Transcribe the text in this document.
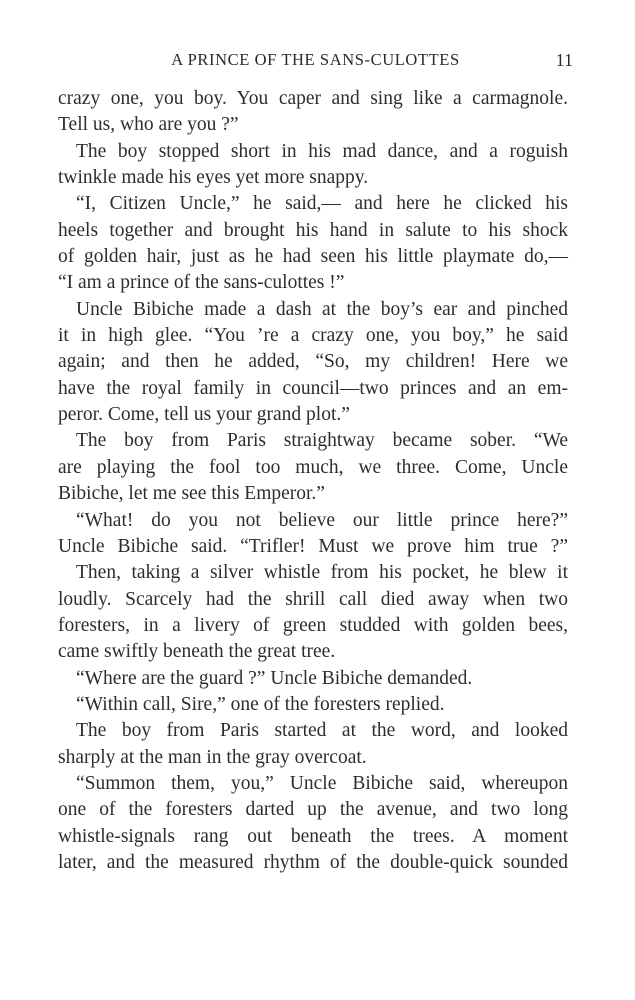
A PRINCE OF THE SANS-CULOTTES	11
crazy one, you boy. You caper and sing like a carmagnole.
Tell us, who are you ?”
The boy stopped short in his mad dance, and a roguish
twinkle made his eyes yet more snappy.
“I, Citizen Uncle,” he said,— and here he clicked his
heels together and brought his hand in salute to his shock
of golden hair, just as he had seen his little playmate do,—
“I am a prince of the sans-culottes !”
Uncle Bibiche made a dash at the boy’s ear and pinched
it in high glee. “You ’re a crazy one, you boy,” he said
again; and then he added, “So, my children! Here we
have the royal family in council—two princes and an em-
peror. Come, tell us your grand plot.”
The boy from Paris straightway became sober. “We
are playing the fool too much, we three. Come, Uncle
Bibiche, let me see this Emperor.”
“What! do you not believe our little prince here?”
Uncle Bibiche said. “Trifler! Must we prove him true ?”
Then, taking a silver whistle from his pocket, he blew it
loudly. Scarcely had the shrill call died away when two
foresters, in a livery of green studded with golden bees,
came swiftly beneath the great tree.
“Where are the guard ?” Uncle Bibiche demanded.
“Within call, Sire,” one of the foresters replied.
The boy from Paris started at the word, and looked
sharply at the man in the gray overcoat.
“Summon them, you,” Uncle Bibiche said, whereupon
one of the foresters darted up the avenue, and two long
whistle-signals rang out beneath the trees. A moment
later, and the measured rhythm of the double-quick sounded
